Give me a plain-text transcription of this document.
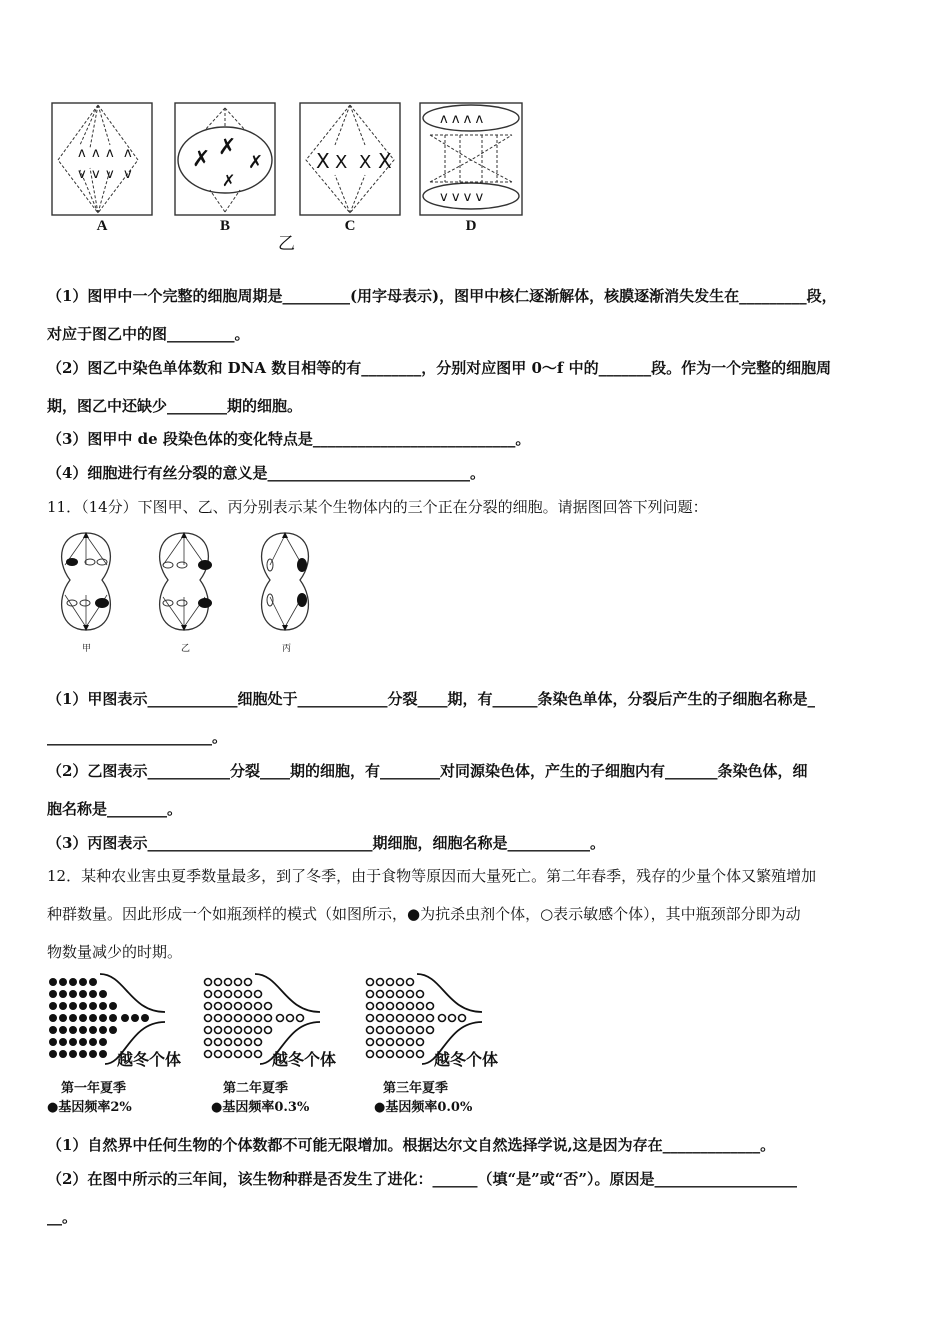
ʌ ᴧ ᴧ ʌ
v v v v
✗ ✗
✗
✗
X X X X
ʌ ᴧ ʌ ʌ
v v v v
A	B	C	D
乙
（1）图甲中一个完整的细胞周期是_________(用字母表示)，图甲中核仁逐渐解体，核膜逐渐消失发生在_________段，
对应于图乙中的图_________。
（2）图乙中染色单体数和 DNA 数目相等的有________，分别对应图甲 0～f 中的_______段。作为一个完整的细胞周
期，图乙中还缺少________期的细胞。
（3）图甲中 de 段染色体的变化特点是___________________________。
（4）细胞进行有丝分裂的意义是___________________________。
11．（14分）下图甲、乙、丙分别表示某个生物体内的三个正在分裂的细胞。请据图回答下列问题：
甲	乙	丙
（1）甲图表示____________细胞处于____________分裂____期，有______条染色单体，分裂后产生的子细胞名称是_
______________________。
（2）乙图表示___________分裂____期的细胞，有________对同源染色体，产生的子细胞内有_______条染色体，细
胞名称是________。
（3）丙图表示______________________________期细胞，细胞名称是___________。
12．某种农业害虫夏季数量最多，到了冬季，由于食物等原因而大量死亡。第二年春季，残存的少量个体又繁殖增加
种群数量。因此形成一个如瓶颈样的模式（如图所示，●为抗杀虫剂个体，○表示敏感个体），其中瓶颈部分即为动
物数量减少的时期。
越冬个体	越冬个体	越冬个体
第一年夏季	第二年夏季	第三年夏季
●基因频率2%	●基因频率0.3%	●基因频率0.0%
（1）自然界中任何生物的个体数都不可能无限增加。根据达尔文自然选择学说,这是因为存在_____________。
（2）在图中所示的三年间，该生物种群是否发生了进化：______（填“是”或“否”）。原因是___________________
__。
